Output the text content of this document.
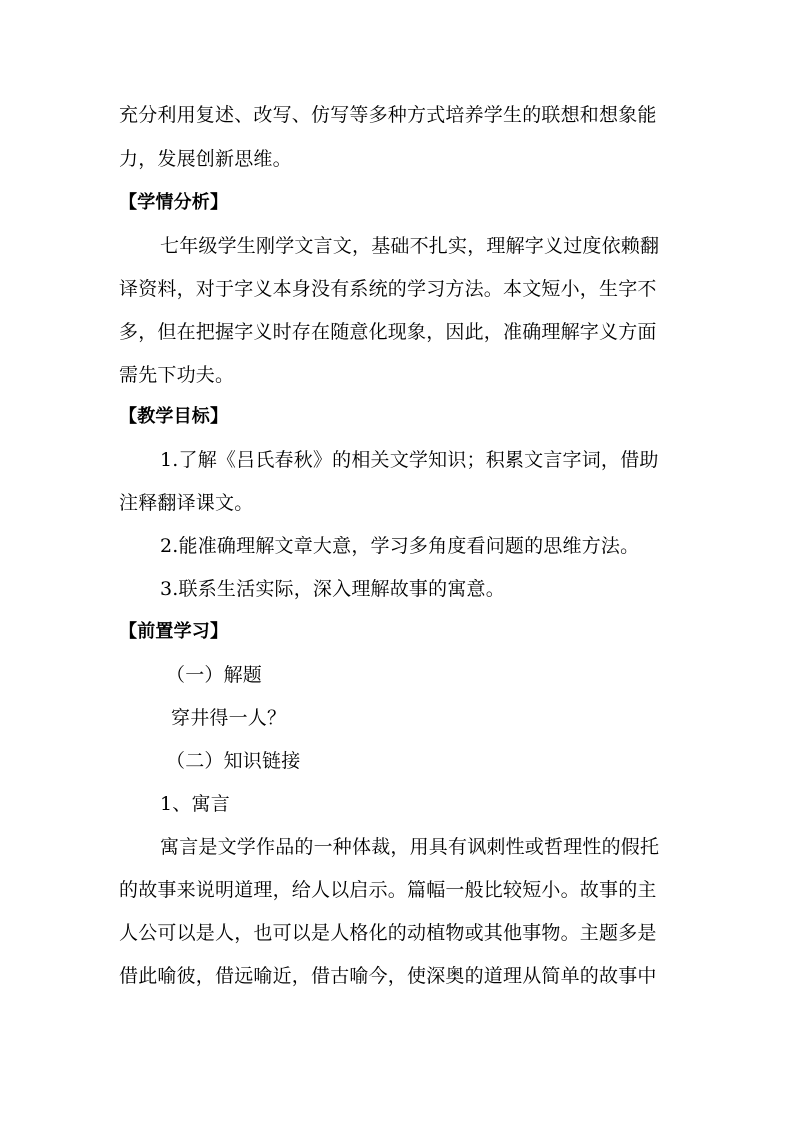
充分利用复述、改写、仿写等多种方式培养学生的联想和想象能
力，发展创新思维。
【学情分析】
七年级学生刚学文言文，基础不扎实，理解字义过度依赖翻
译资料，对于字义本身没有系统的学习方法。本文短小，生字不
多，但在把握字义时存在随意化现象，因此，准确理解字义方面
需先下功夫。
【教学目标】
1.了解《吕氏春秋》的相关文学知识；积累文言字词，借助
注释翻译课文。
2.能准确理解文章大意，学习多角度看问题的思维方法。
3.联系生活实际，深入理解故事的寓意。
【前置学习】
（一）解题
穿井得一人？
（二）知识链接
1、寓言
寓言是文学作品的一种体裁，用具有讽刺性或哲理性的假托
的故事来说明道理，给人以启示。篇幅一般比较短小。故事的主
人公可以是人，也可以是人格化的动植物或其他事物。主题多是
借此喻彼，借远喻近，借古喻今，使深奥的道理从简单的故事中
